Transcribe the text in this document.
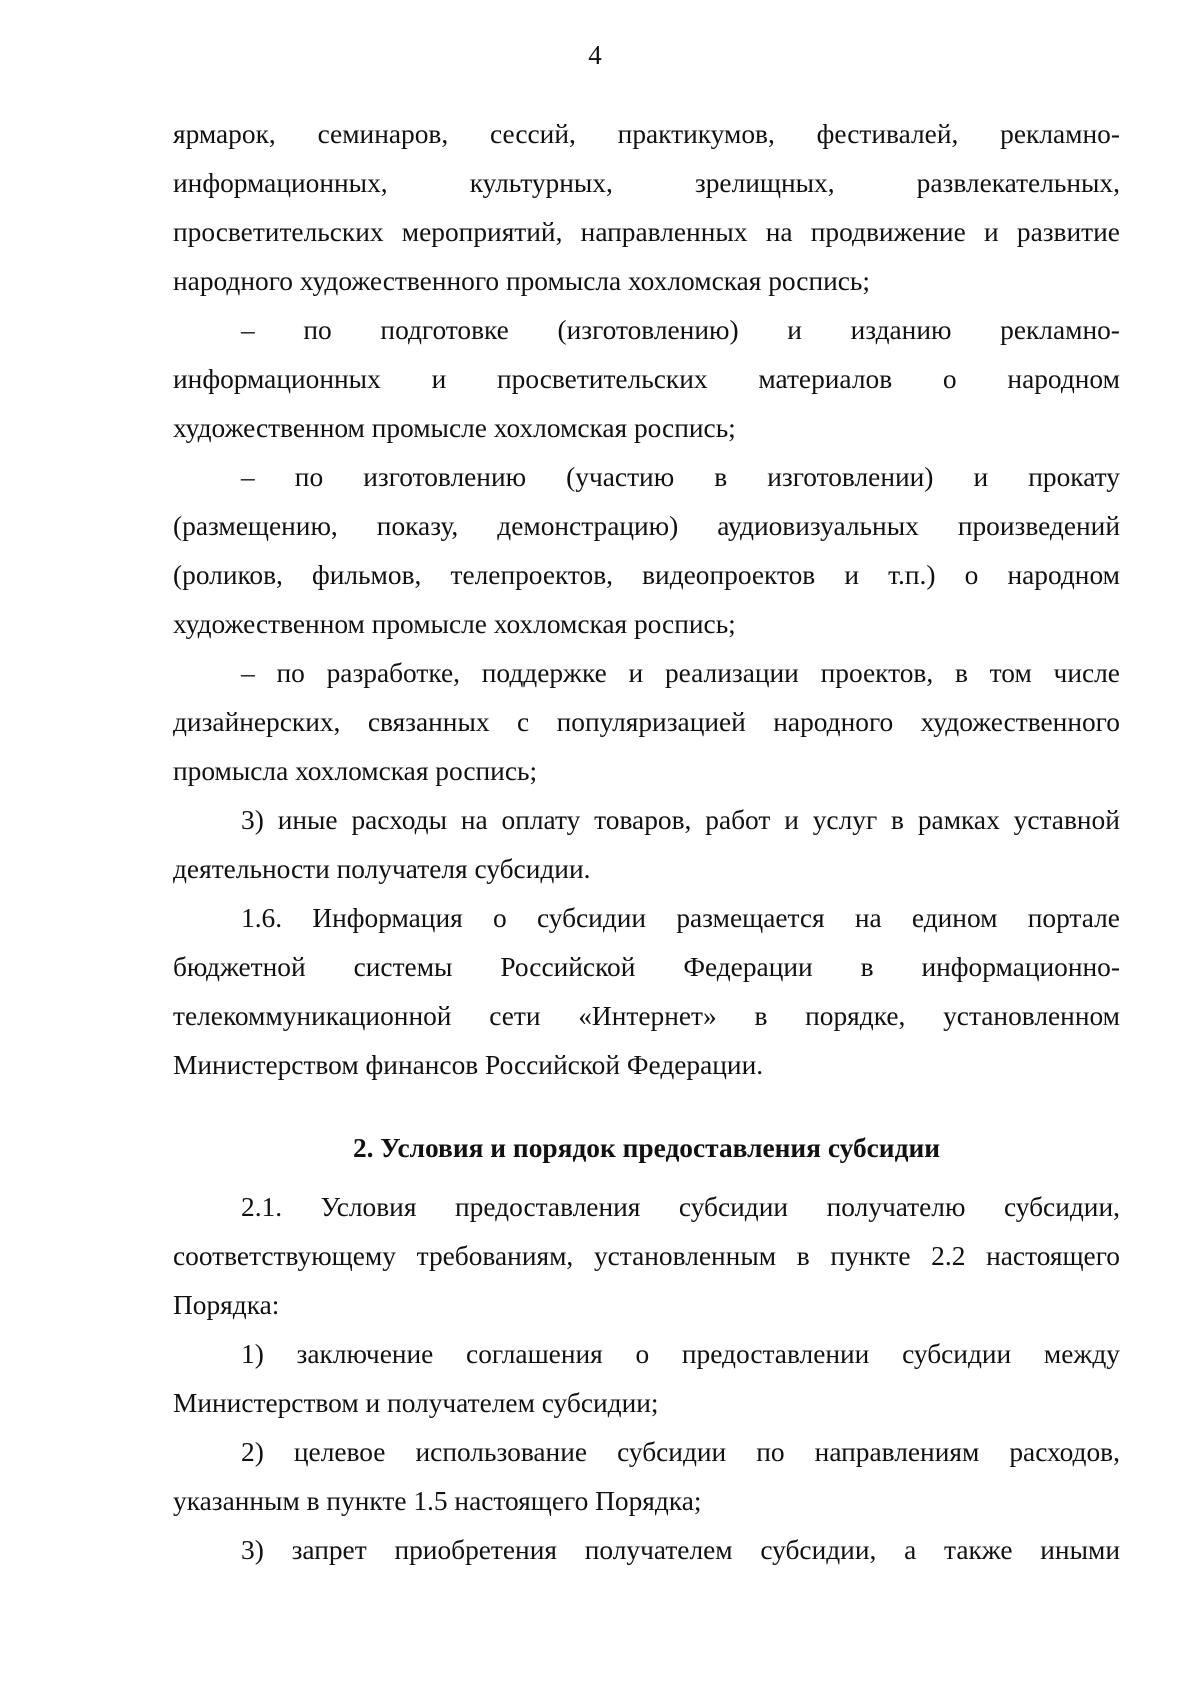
4
ярмарок, семинаров, сессий, практикумов, фестивалей, рекламно-
информационных,	культурных,	зрелищных,	развлекательных,
просветительских мероприятий, направленных на продвижение и развитие
народного художественного промысла хохломская роспись;
– по подготовке (изготовлению) и изданию рекламно-
информационных и просветительских материалов о народном
художественном промысле хохломская роспись;
– по изготовлению (участию в изготовлении) и прокату
(размещению, показу, демонстрацию) аудиовизуальных произведений
(роликов, фильмов, телепроектов, видеопроектов и т.п.) о народном
художественном промысле хохломская роспись;
– по разработке, поддержке и реализации проектов, в том числе
дизайнерских, связанных с популяризацией народного художественного
промысла хохломская роспись;
3) иные расходы на оплату товаров, работ и услуг в рамках уставной
деятельности получателя субсидии.
1.6. Информация о субсидии размещается на едином портале
бюджетной системы Российской Федерации в информационно-
телекоммуникационной сети «Интернет» в порядке, установленном
Министерством финансов Российской Федерации.
2. Условия и порядок предоставления субсидии
2.1. Условия предоставления субсидии получателю субсидии,
соответствующему требованиям, установленным в пункте 2.2 настоящего
Порядка:
1) заключение соглашения о предоставлении субсидии между
Министерством и получателем субсидии;
2) целевое использование субсидии по направлениям расходов,
указанным в пункте 1.5 настоящего Порядка;
3) запрет приобретения получателем субсидии, а также иными
